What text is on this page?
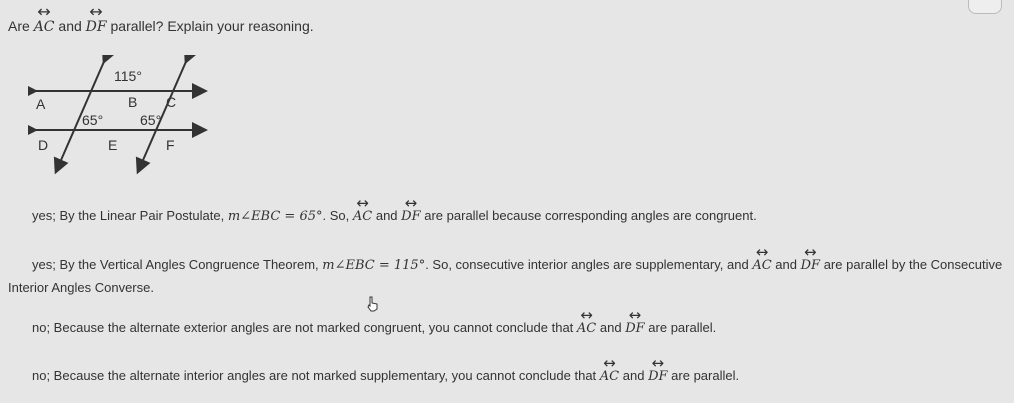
Are ↔ AC and ↔ DF parallel? Explain your reasoning.
115°
A	B C
65°	65°
D	E	F
yes; By the Linear Pair Postulate, m∠EBC = 65°. So, ↔ AC and ↔ DF are parallel because corresponding angles are congruent.
yes; By the Vertical Angles Congruence Theorem, m∠EBC = 115°. So, consecutive interior angles are supplementary, and ↔ AC and ↔ DF are parallel by the Consecutive
Interior Angles Converse.
no; Because the alternate exterior angles are not marked congruent, you cannot conclude that ↔ AC and ↔ DF are parallel.
no; Because the alternate interior angles are not marked supplementary, you cannot conclude that ↔ AC and ↔ DF are parallel.
